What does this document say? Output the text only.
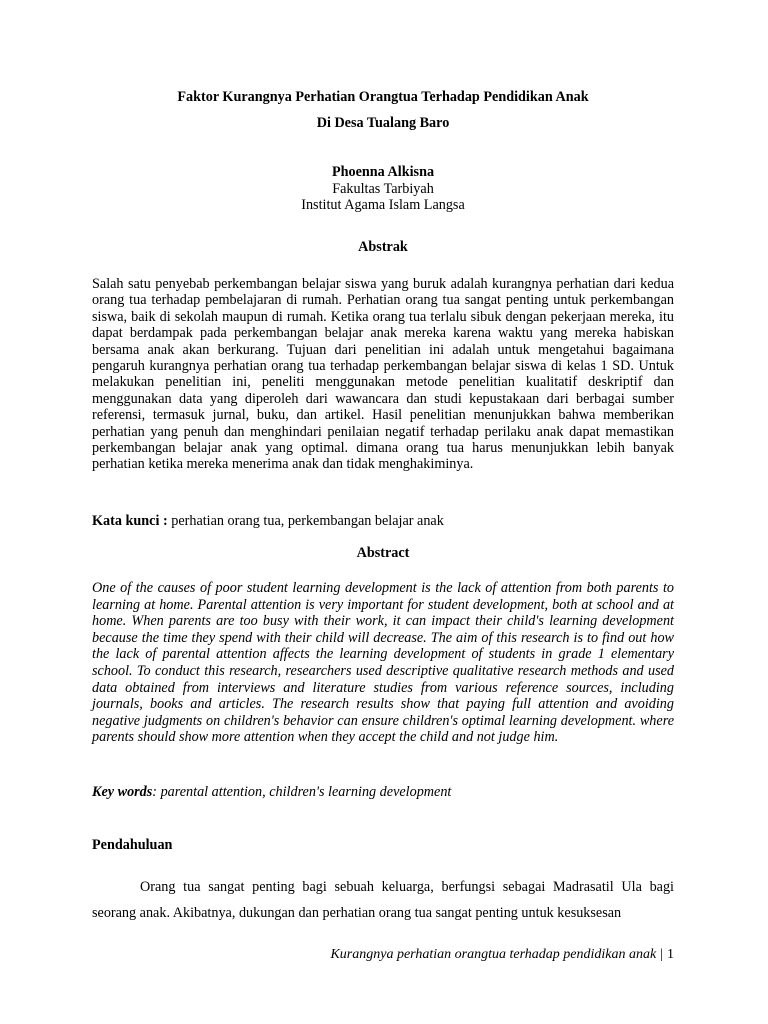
Faktor Kurangnya Perhatian Orangtua Terhadap Pendidikan Anak
Di Desa Tualang Baro
Phoenna Alkisna
Fakultas Tarbiyah
Institut Agama Islam Langsa
Abstrak

Salah satu penyebab perkembangan belajar siswa yang buruk adalah kurangnya perhatian dari kedua orang tua terhadap pembelajaran di rumah. Perhatian orang tua sangat penting untuk perkembangan siswa, baik di sekolah maupun di rumah. Ketika orang tua terlalu sibuk dengan pekerjaan mereka, itu dapat berdampak pada perkembangan belajar anak mereka karena waktu yang mereka habiskan bersama anak akan berkurang. Tujuan dari penelitian ini adalah untuk mengetahui bagaimana pengaruh kurangnya perhatian orang tua terhadap perkembangan belajar siswa di kelas 1 SD. Untuk melakukan penelitian ini, peneliti menggunakan metode penelitian kualitatif deskriptif dan menggunakan data yang diperoleh dari wawancara dan studi kepustakaan dari berbagai sumber referensi, termasuk jurnal, buku, dan artikel. Hasil penelitian menunjukkan bahwa memberikan perhatian yang penuh dan menghindari penilaian negatif terhadap perilaku anak dapat memastikan perkembangan belajar anak yang optimal. dimana orang tua harus menunjukkan lebih banyak perhatian ketika mereka menerima anak dan tidak menghakiminya.

Kata kunci : perhatian orang tua, perkembangan belajar anak

Abstract

One of the causes of poor student learning development is the lack of attention from both parents to learning at home. Parental attention is very important for student development, both at school and at home. When parents are too busy with their work, it can impact their child's learning development because the time they spend with their child will decrease. The aim of this research is to find out how the lack of parental attention affects the learning development of students in grade 1 elementary school. To conduct this research, researchers used descriptive qualitative research methods and used data obtained from interviews and literature studies from various reference sources, including journals, books and articles. The research results show that paying full attention and avoiding negative judgments on children's behavior can ensure children's optimal learning development. where parents should show more attention when they accept the child and not judge him.

Key words: parental attention, children's learning development

Pendahuluan

Orang tua sangat penting bagi sebuah keluarga, berfungsi sebagai Madrasatil Ula bagi seorang anak. Akibatnya, dukungan dan perhatian orang tua sangat penting untuk kesuksesan

Kurangnya perhatian orangtua terhadap pendidikan anak | 1
